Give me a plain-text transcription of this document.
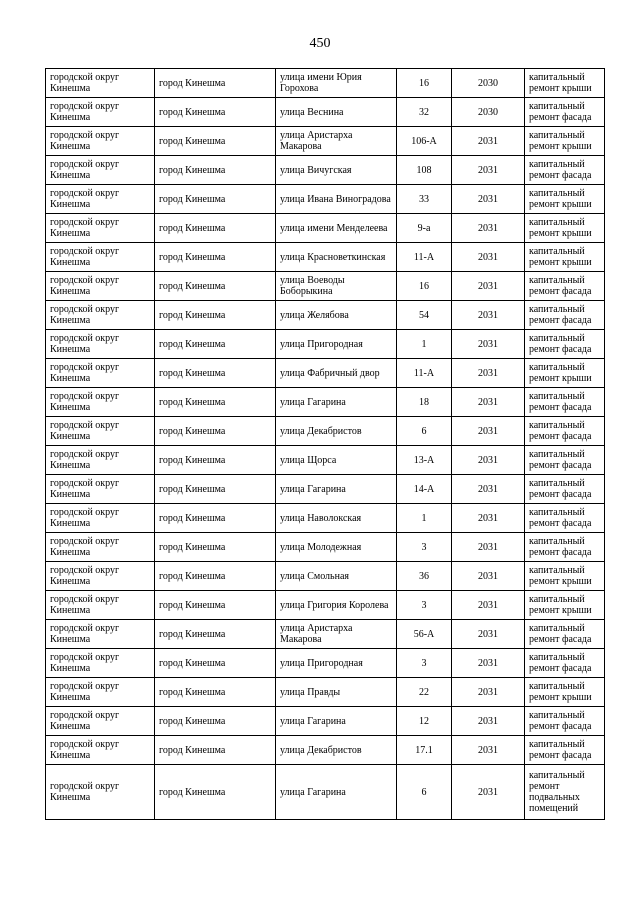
450
городской округ Кинешма	город Кинешма	улица имени Юрия Горохова	16	2030	капитальный ремонт крыши
городской округ Кинешма	город Кинешма	улица Веснина	32	2030	капитальный ремонт фасада
городской округ Кинешма	город Кинешма	улица Аристарха Макарова	106-А	2031	капитальный ремонт крыши
городской округ Кинешма	город Кинешма	улица Вичугская	108	2031	капитальный ремонт фасада
городской округ Кинешма	город Кинешма	улица Ивана Виноградова	33	2031	капитальный ремонт крыши
городской округ Кинешма	город Кинешма	улица имени Менделеева	9-а	2031	капитальный ремонт крыши
городской округ Кинешма	город Кинешма	улица Красноветкинская	11-А	2031	капитальный ремонт крыши
городской округ Кинешма	город Кинешма	улица Воеводы Боборыкина	16	2031	капитальный ремонт фасада
городской округ Кинешма	город Кинешма	улица Желябова	54	2031	капитальный ремонт фасада
городской округ Кинешма	город Кинешма	улица Пригородная	1	2031	капитальный ремонт фасада
городской округ Кинешма	город Кинешма	улица Фабричный двор	11-А	2031	капитальный ремонт крыши
городской округ Кинешма	город Кинешма	улица Гагарина	18	2031	капитальный ремонт фасада
городской округ Кинешма	город Кинешма	улица Декабристов	6	2031	капитальный ремонт фасада
городской округ Кинешма	город Кинешма	улица Щорса	13-А	2031	капитальный ремонт фасада
городской округ Кинешма	город Кинешма	улица Гагарина	14-А	2031	капитальный ремонт фасада
городской округ Кинешма	город Кинешма	улица Наволокская	1	2031	капитальный ремонт фасада
городской округ Кинешма	город Кинешма	улица Молодежная	3	2031	капитальный ремонт фасада
городской округ Кинешма	город Кинешма	улица Смольная	36	2031	капитальный ремонт крыши
городской округ Кинешма	город Кинешма	улица Григория Королева	3	2031	капитальный ремонт крыши
городской округ Кинешма	город Кинешма	улица Аристарха Макарова	56-А	2031	капитальный ремонт фасада
городской округ Кинешма	город Кинешма	улица Пригородная	3	2031	капитальный ремонт фасада
городской округ Кинешма	город Кинешма	улица Правды	22	2031	капитальный ремонт крыши
городской округ Кинешма	город Кинешма	улица Гагарина	12	2031	капитальный ремонт фасада
городской округ Кинешма	город Кинешма	улица Декабристов	17.1	2031	капитальный ремонт фасада
городской округ Кинешма	город Кинешма	улица Гагарина	6	2031	капитальный ремонт подвальных помещений
